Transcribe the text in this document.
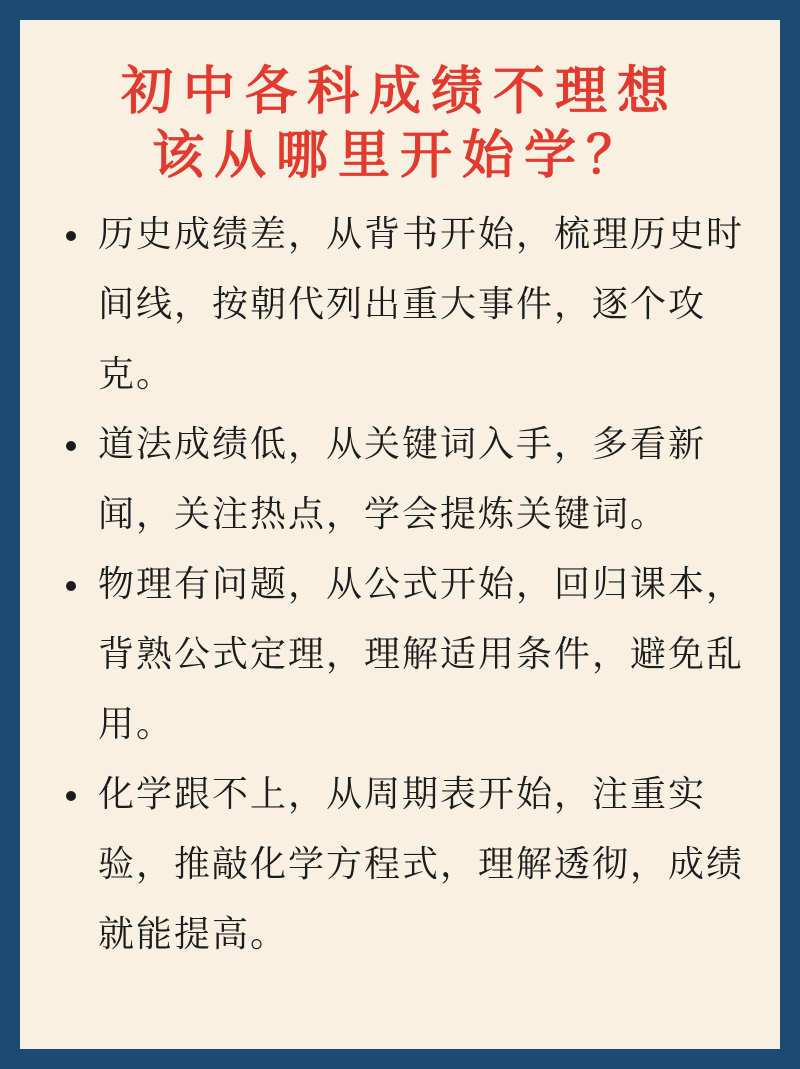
初中各科成绩不理想
该从哪里开始学？
历史成绩差，从背书开始，梳理历史时间线，按朝代列出重大事件，逐个攻克。
道法成绩低，从关键词入手，多看新闻，关注热点，学会提炼关键词。
物理有问题，从公式开始，回归课本，背熟公式定理，理解适用条件，避免乱用。
化学跟不上，从周期表开始，注重实验，推敲化学方程式，理解透彻，成绩就能提高。
